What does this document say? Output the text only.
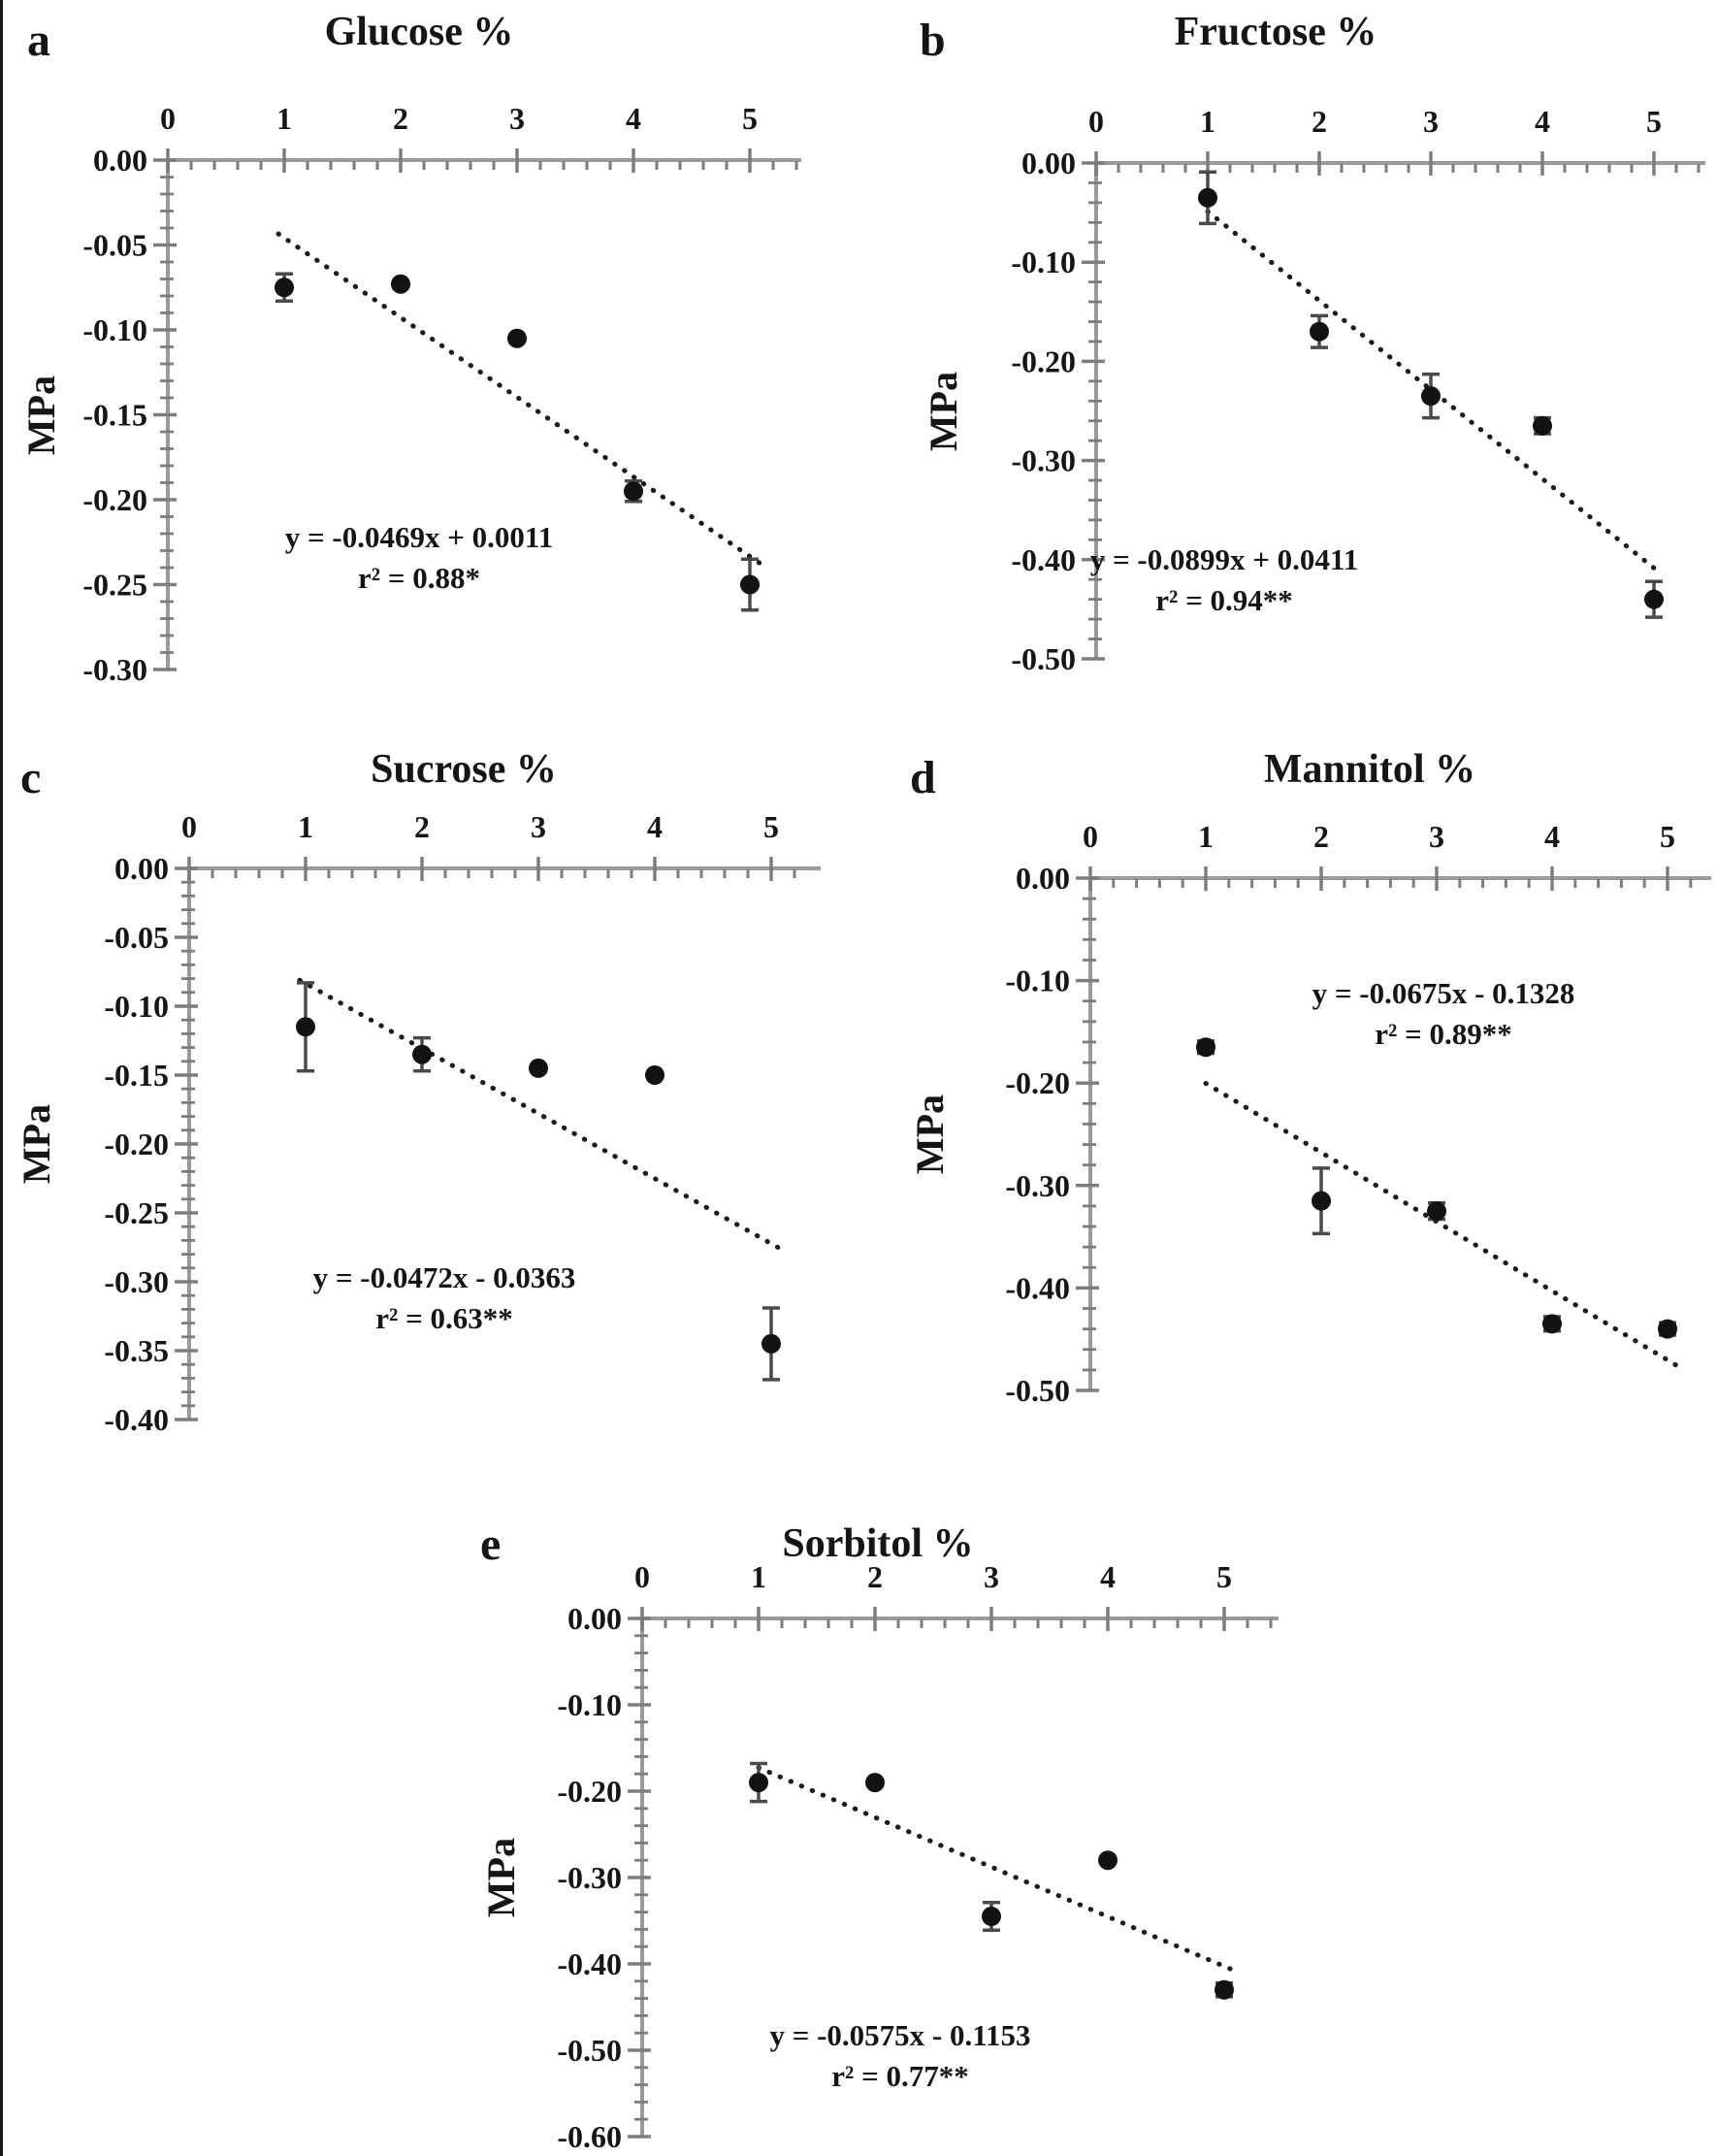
a	Glucose %
0	1	2	3	4	5
0.00
-0.05
-0.10
-0.15
-0.20
-0.25
-0.30
MPa
y = -0.0469x + 0.0011
r² = 0.88*
b	Fructose %
0	1	2	3	4	5
0.00
-0.10
-0.20
-0.30
-0.40
-0.50
MPa
y = -0.0899x + 0.0411
r² = 0.94**
c	Sucrose %
0	1	2	3	4	5
0.00
-0.05
-0.10
-0.15
-0.20
-0.25
-0.30
-0.35
-0.40
MPa
y = -0.0472x - 0.0363
r² = 0.63**
d	Mannitol %
0	1	2	3	4	5
0.00
-0.10
-0.20
-0.30
-0.40
-0.50
MPa
y = -0.0675x - 0.1328
r² = 0.89**
e	Sorbitol %
0	1	2	3	4	5
0.00
-0.10
-0.20
-0.30
-0.40
-0.50
-0.60
MPa
y = -0.0575x - 0.1153
r² = 0.77**
